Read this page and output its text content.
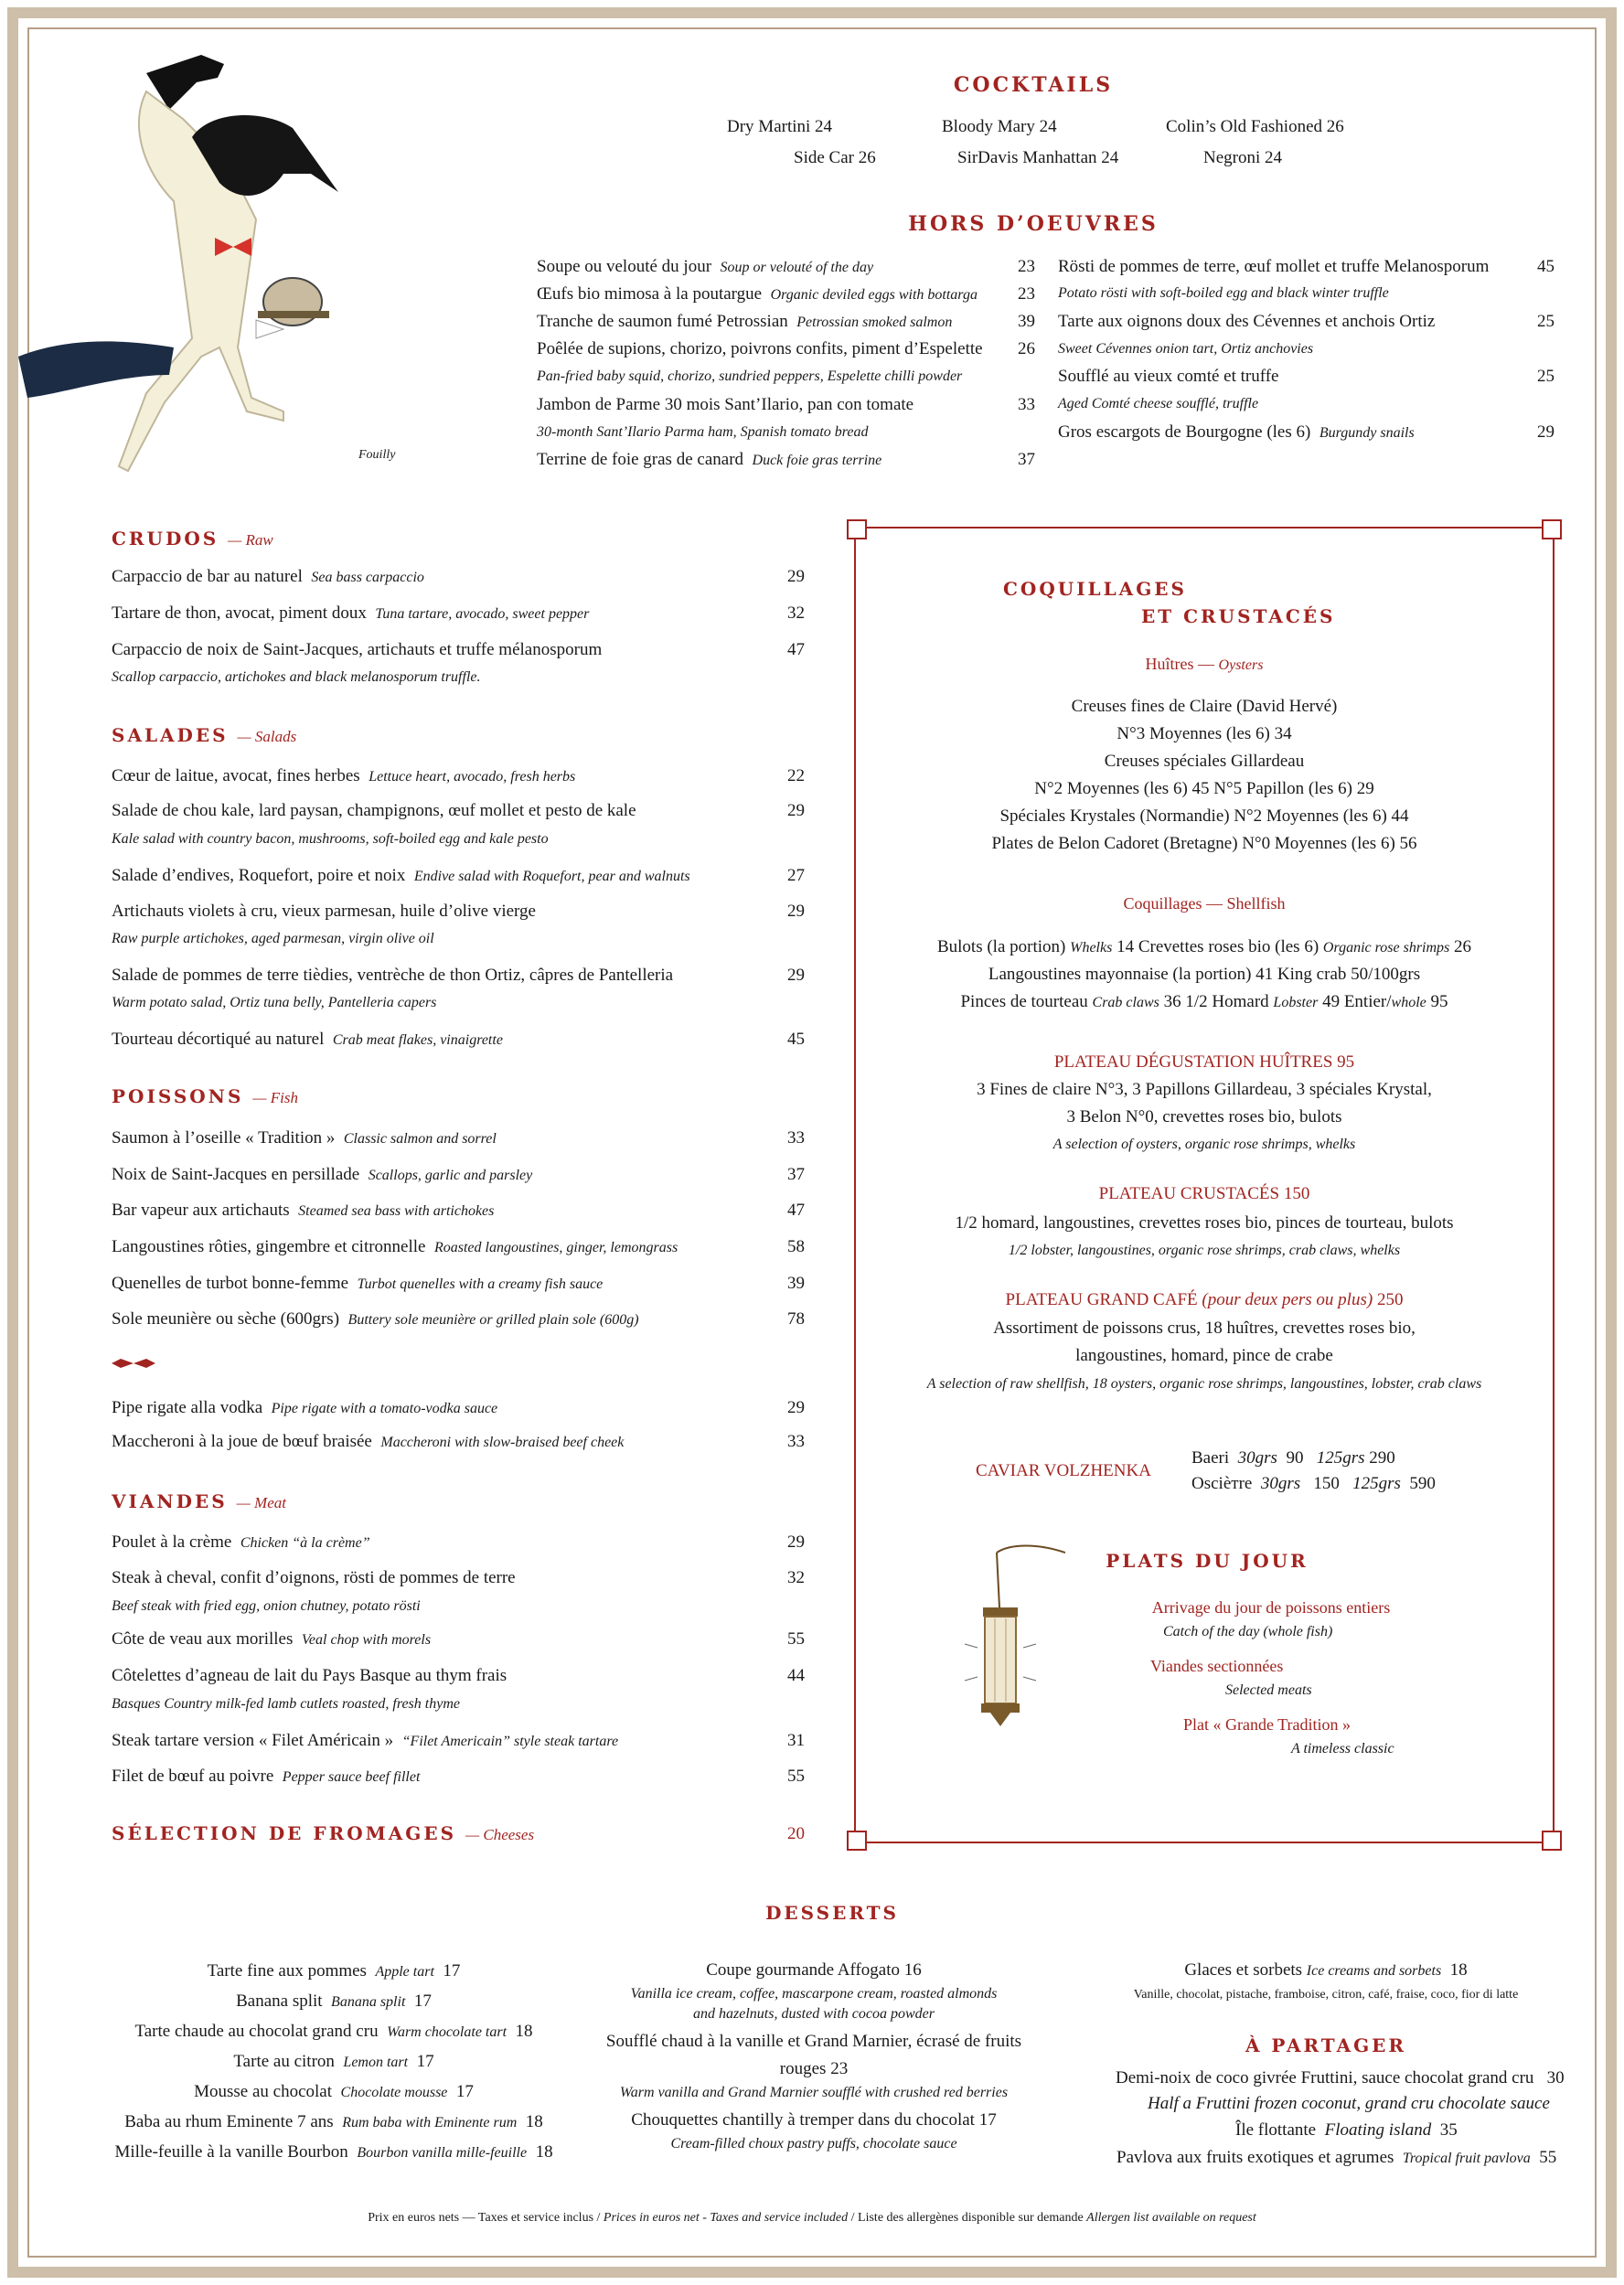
Fouilly
COCKTAILS
Dry Martini 24	Bloody Mary 24	Colin’s Old Fashioned 26
Side Car 26	SirDavis Manhattan 24	Negroni 24
HORS D’OEUVRES
Soupe ou velouté du jour Soup or velouté of the day	23
Œufs bio mimosa à la poutargue Organic deviled eggs with bottarga 23
Tranche de saumon fumé Petrossian Petrossian smoked salmon	39
Poêlée de supions, chorizo, poivrons confits, piment d’Espelette 26
Pan-fried baby squid, chorizo, sundried peppers, Espelette chilli powder
Jambon de Parme 30 mois Sant’Ilario, pan con tomate	33
30-month Sant’Ilario Parma ham, Spanish tomato bread
Terrine de foie gras de canard Duck foie gras terrine	37
Rösti de pommes de terre, œuf mollet et truffe Melanosporum	45
Potato rösti with soft-boiled egg and black winter truffle
Tarte aux oignons doux des Cévennes et anchois Ortiz	25
Sweet Cévennes onion tart, Ortiz anchovies
Soufflé au vieux comté et truffe	25
Aged Comté cheese soufflé, truffle
Gros escargots de Bourgogne (les 6) Burgundy snails	29
CRUDOS — Raw
Carpaccio de bar au naturel Sea bass carpaccio	29
Tartare de thon, avocat, piment doux Tuna tartare, avocado, sweet pepper	32
Carpaccio de noix de Saint-Jacques, artichauts et truffe mélanosporum	47
Scallop carpaccio, artichokes and black melanosporum truffle.
SALADES — Salads
Cœur de laitue, avocat, fines herbes Lettuce heart, avocado, fresh herbs	22
Salade de chou kale, lard paysan, champignons, œuf mollet et pesto de kale	29
Kale salad with country bacon, mushrooms, soft-boiled egg and kale pesto
Salade d’endives, Roquefort, poire et noix Endive salad with Roquefort, pear and walnuts	27
Artichauts violets à cru, vieux parmesan, huile d’olive vierge	29
Raw purple artichokes, aged parmesan, virgin olive oil
Salade de pommes de terre tièdies, ventrèche de thon Ortiz, câpres de Pantelleria	29
Warm potato salad, Ortiz tuna belly, Pantelleria capers
Tourteau décortiqué au naturel Crab meat flakes, vinaigrette	45
POISSONS — Fish
Saumon à l’oseille « Tradition » Classic salmon and sorrel	33
Noix de Saint-Jacques en persillade Scallops, garlic and parsley	37
Bar vapeur aux artichauts Steamed sea bass with artichokes	47
Langoustines rôties, gingembre et citronnelle Roasted langoustines, ginger, lemongrass	58
Quenelles de turbot bonne-femme Turbot quenelles with a creamy fish sauce	39
Sole meunière ou sèche (600grs) Buttery sole meunière or grilled plain sole (600g)	78
Pipe rigate alla vodka Pipe rigate with a tomato-vodka sauce	29
Maccheroni à la joue de bœuf braisée Maccheroni with slow-braised beef cheek	33
VIANDES — Meat
Poulet à la crème Chicken “à la crème”	29
Steak à cheval, confit d’oignons, rösti de pommes de terre	32
Beef steak with fried egg, onion chutney, potato rösti
Côte de veau aux morilles Veal chop with morels	55
Côtelettes d’agneau de lait du Pays Basque au thym frais	44
Basques Country milk-fed lamb cutlets roasted, fresh thyme
Steak tartare version « Filet Américain » “Filet Americain” style steak tartare	31
Filet de bœuf au poivre Pepper sauce beef fillet	55
SÉLECTION DE FROMAGES — Cheeses	20
COQUILLAGES
ET CRUSTACÉS
Huîtres — Oysters
Creuses fines de Claire (David Hervé)
N°3 Moyennes (les 6) 34
Creuses spéciales Gillardeau
N°2 Moyennes (les 6) 45 N°5 Papillon (les 6) 29
Spéciales Krystales (Normandie) N°2 Moyennes (les 6) 44
Plates de Belon Cadoret (Bretagne) N°0 Moyennes (les 6) 56
Coquillages — Shellfish
Bulots (la portion) Whelks 14 Crevettes roses bio (les 6) Organic rose shrimps 26
Langoustines mayonnaise (la portion) 41 King crab 50/100grs
Pinces de tourteau Crab claws 36 1/2 Homard Lobster 49 Entier/whole 95
PLATEAU DÉGUSTATION HUÎTRES 95
3 Fines de claire N°3, 3 Papillons Gillardeau, 3 spéciales Krystal,
3 Belon N°0, crevettes roses bio, bulots
A selection of oysters, organic rose shrimps, whelks
PLATEAU CRUSTACÉS 150
1/2 homard, langoustines, crevettes roses bio, pinces de tourteau, bulots
1/2 lobster, langoustines, organic rose shrimps, crab claws, whelks
PLATEAU GRAND CAFÉ (pour deux pers ou plus) 250
Assortiment de poissons crus, 18 huîtres, crevettes roses bio,
langoustines, homard, pince de crabe
A selection of raw shellfish, 18 oysters, organic rose shrimps, langoustines, lobster, crab claws
CAVIAR VOLZHENKA
Baeri 30grs 90 125grs 290
Oscièтre 30grs 150 125grs 590
PLATS DU JOUR
Arrivage du jour de poissons entiers
Catch of the day (whole fish)
Viandes sectionnées
Selected meats
Plat « Grande Tradition »
A timeless classic
DESSERTS
Tarte fine aux pommes Apple tart 17
Banana split Banana split 17
Tarte chaude au chocolat grand cru Warm chocolate tart 18
Tarte au citron Lemon tart 17
Mousse au chocolat Chocolate mousse 17
Baba au rhum Eminente 7 ans Rum baba with Eminente rum 18
Mille-feuille à la vanille Bourbon Bourbon vanilla mille-feuille 18
Coupe gourmande Affogato 16
Vanilla ice cream, coffee, mascarpone cream, roasted almonds
and hazelnuts, dusted with cocoa powder
Soufflé chaud à la vanille et Grand Marnier, écrasé de fruits rouges 23
Warm vanilla and Grand Marnier soufflé with crushed red berries
Chouquettes chantilly à tremper dans du chocolat 17
Cream-filled choux pastry puffs, chocolate sauce
Glaces et sorbets Ice creams and sorbets 18
Vanille, chocolat, pistache, framboise, citron, café, fraise, coco, fior di latte
À PARTAGER
Demi-noix de coco givrée Fruttini, sauce chocolat grand cru 30
Half a Fruttini frozen coconut, grand cru chocolate sauce
Île flottante Floating island 35
Pavlova aux fruits exotiques et agrumes Tropical fruit pavlova 55
Prix en euros nets — Taxes et service inclus / Prices in euros net - Taxes and service included / Liste des allergènes disponible sur demande Allergen list available on request
